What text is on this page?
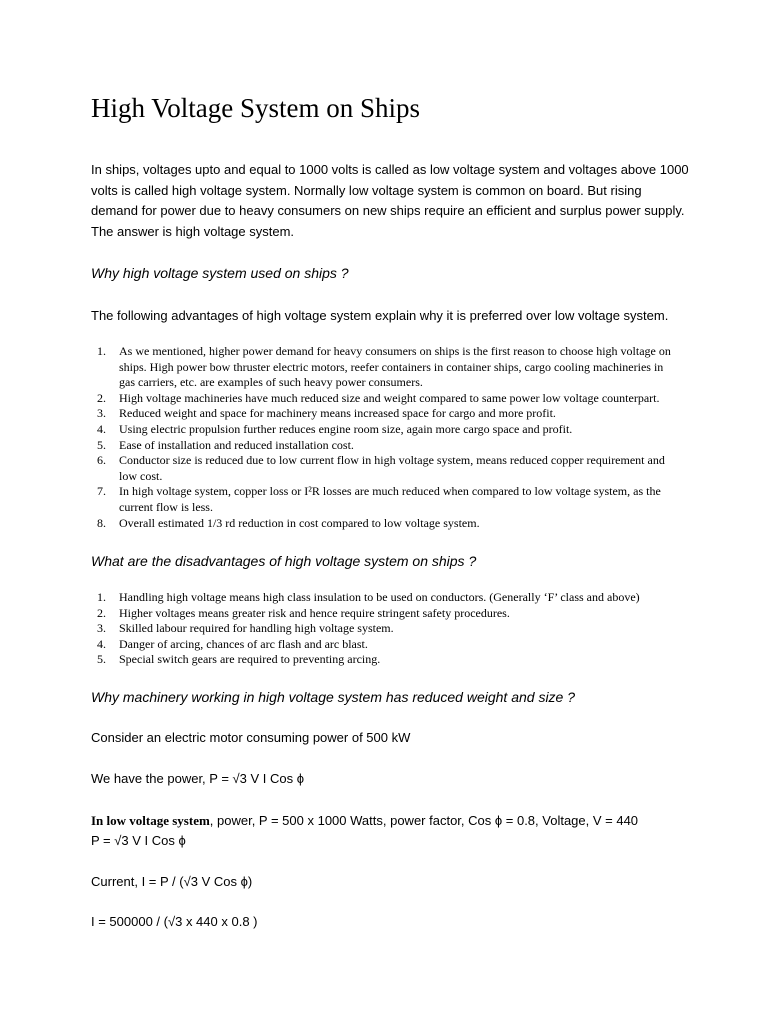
High Voltage System on Ships

In ships, voltages upto and equal to 1000 volts is called as low voltage system and voltages above 1000 volts is called high voltage system. Normally low voltage system is common on board. But rising demand for power due to heavy consumers on new ships require an efficient and surplus power supply. The answer is high voltage system.

Why high voltage system used on ships ?

The following advantages of high voltage system explain why it is preferred over low voltage system.

1. As we mentioned, higher power demand for heavy consumers on ships is the first reason to choose high voltage on ships. High power bow thruster electric motors, reefer containers in container ships, cargo cooling machineries in gas carriers, etc. are examples of such heavy power consumers.
2. High voltage machineries have much reduced size and weight compared to same power low voltage counterpart.
3. Reduced weight and space for machinery means increased space for cargo and more profit.
4. Using electric propulsion further reduces engine room size, again more cargo space and profit.
5. Ease of installation and reduced installation cost.
6. Conductor size is reduced due to low current flow in high voltage system, means reduced copper requirement and low cost.
7. In high voltage system, copper loss or I²R losses are much reduced when compared to low voltage system, as the current flow is less.
8. Overall estimated 1/3 rd reduction in cost compared to low voltage system.

What are the disadvantages of high voltage system on ships ?

1. Handling high voltage means high class insulation to be used on conductors. (Generally ‘F’ class and above)
2. Higher voltages means greater risk and hence require stringent safety procedures.
3. Skilled labour required for handling high voltage system.
4. Danger of arcing, chances of arc flash and arc blast.
5. Special switch gears are required to preventing arcing.

Why machinery working in high voltage system has reduced weight and size ?

Consider an electric motor consuming power of 500 kW

We have the power, P = √3 V I Cos ϕ

In low voltage system, power, P = 500 x 1000 Watts, power factor, Cos ϕ = 0.8, Voltage, V = 440

P = √3 V I Cos ϕ

Current, I = P / (√3 V Cos ϕ)

I = 500000 / (√3 x 440 x 0.8 )
